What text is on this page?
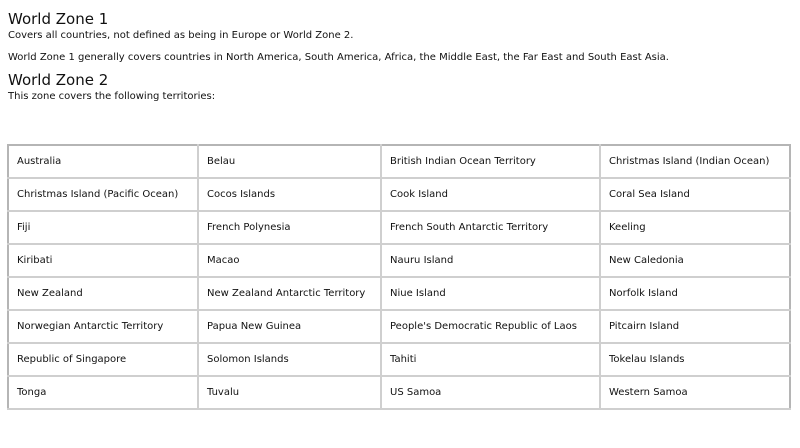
World Zone 1

Covers all countries, not defined as being in Europe or World Zone 2.

World Zone 1 generally covers countries in North America, South America, Africa, the Middle East, the Far East and South East Asia.

World Zone 2

This zone covers the following territories:

Australia	Belau	British Indian Ocean Territory	Christmas Island (Indian Ocean)
Christmas Island (Pacific Ocean)	Cocos Islands	Cook Island	Coral Sea Island
Fiji	French Polynesia	French South Antarctic Territory	Keeling
Kiribati	Macao	Nauru Island	New Caledonia
New Zealand	New Zealand Antarctic Territory	Niue Island	Norfolk Island
Norwegian Antarctic Territory	Papua New Guinea	People's Democratic Republic of Laos	Pitcairn Island
Republic of Singapore	Solomon Islands	Tahiti	Tokelau Islands
Tonga	Tuvalu	US Samoa	Western Samoa
